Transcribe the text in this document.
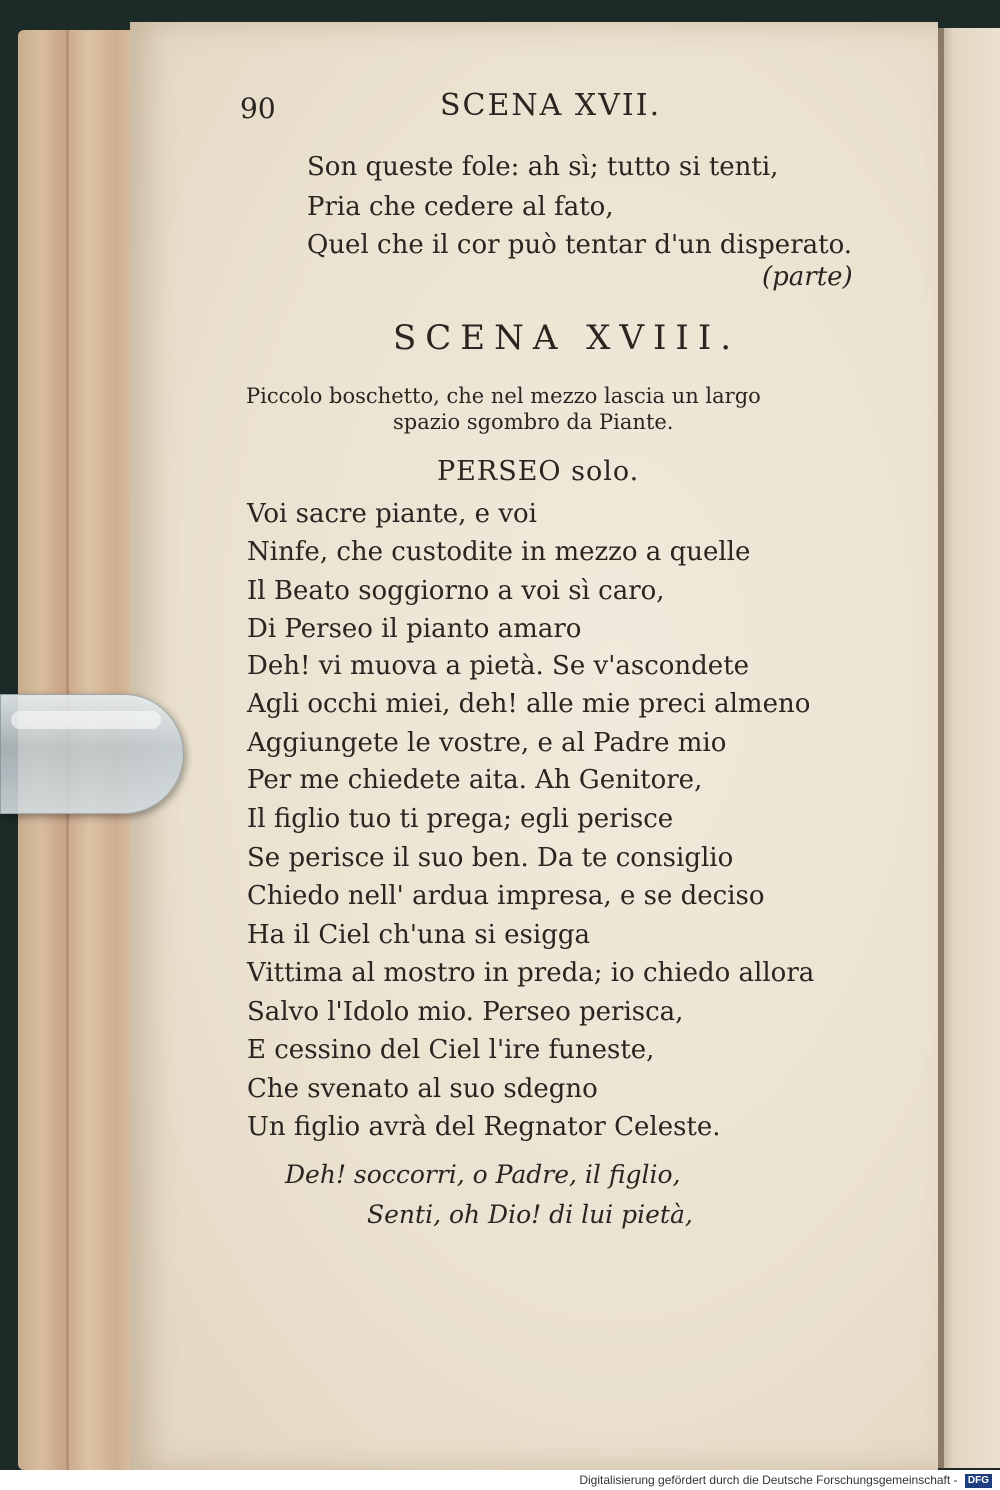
90	SCENA XVII.
Son queste fole: ah sì; tutto si tenti,
Pria che cedere al fato,
Quel che il cor può tentar d'un disperato.
(parte)
SCENA XVIII.
Piccolo boschetto, che nel mezzo lascia un largo
spazio sgombro da Piante.
PERSEO solo.
Voi sacre piante, e voi
Ninfe, che custodite in mezzo a quelle
Il Beato soggiorno a voi sì caro,
Di Perseo il pianto amaro
Deh! vi muova a pietà. Se v'ascondete
Agli occhi miei, deh! alle mie preci almeno
Aggiungete le vostre, e al Padre mio
Per me chiedete aita. Ah Genitore,
Il figlio tuo ti prega; egli perisce
Se perisce il suo ben. Da te consiglio
Chiedo nell' ardua impresa, e se deciso
Ha il Ciel ch'una si esigga
Vittima al mostro in preda; io chiedo allora
Salvo l'Idolo mio. Perseo perisca,
E cessino del Ciel l'ire funeste,
Che svenato al suo sdegno
Un figlio avrà del Regnator Celeste.
Deh! soccorri, o Padre, il figlio,
Senti, oh Dio! di lui pietà,
Digitalisierung gefördert durch die Deutsche Forschungsgemeinschaft - DFG
